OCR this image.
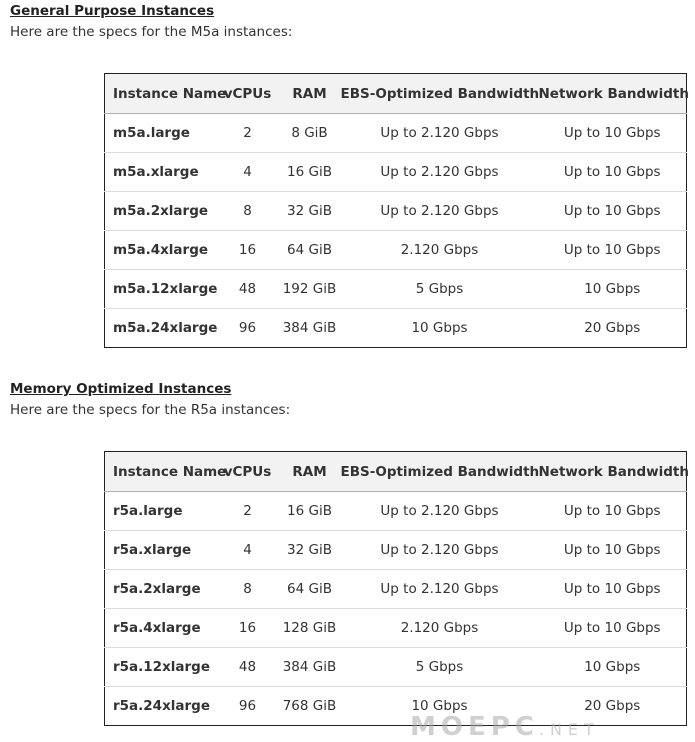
General Purpose Instances

Here are the specs for the M5a instances:

Instance Name	vCPUs	RAM	EBS-Optimized Bandwidth	Network Bandwidth
m5a.large	2	8 GiB	Up to 2.120 Gbps	Up to 10 Gbps
m5a.xlarge	4	16 GiB	Up to 2.120 Gbps	Up to 10 Gbps
m5a.2xlarge	8	32 GiB	Up to 2.120 Gbps	Up to 10 Gbps
m5a.4xlarge	16	64 GiB	2.120 Gbps	Up to 10 Gbps
m5a.12xlarge	48	192 GiB	5 Gbps	10 Gbps
m5a.24xlarge	96	384 GiB	10 Gbps	20 Gbps
Memory Optimized Instances

Here are the specs for the R5a instances:

Instance Name	vCPUs	RAM	EBS-Optimized Bandwidth	Network Bandwidth
r5a.large	2	16 GiB	Up to 2.120 Gbps	Up to 10 Gbps
r5a.xlarge	4	32 GiB	Up to 2.120 Gbps	Up to 10 Gbps
r5a.2xlarge	8	64 GiB	Up to 2.120 Gbps	Up to 10 Gbps
r5a.4xlarge	16	128 GiB	2.120 Gbps	Up to 10 Gbps
r5a.12xlarge	48	384 GiB	5 Gbps	10 Gbps
r5a.24xlarge	96	768 GiB	10 Gbps	20 Gbps
MOEPC.NET
